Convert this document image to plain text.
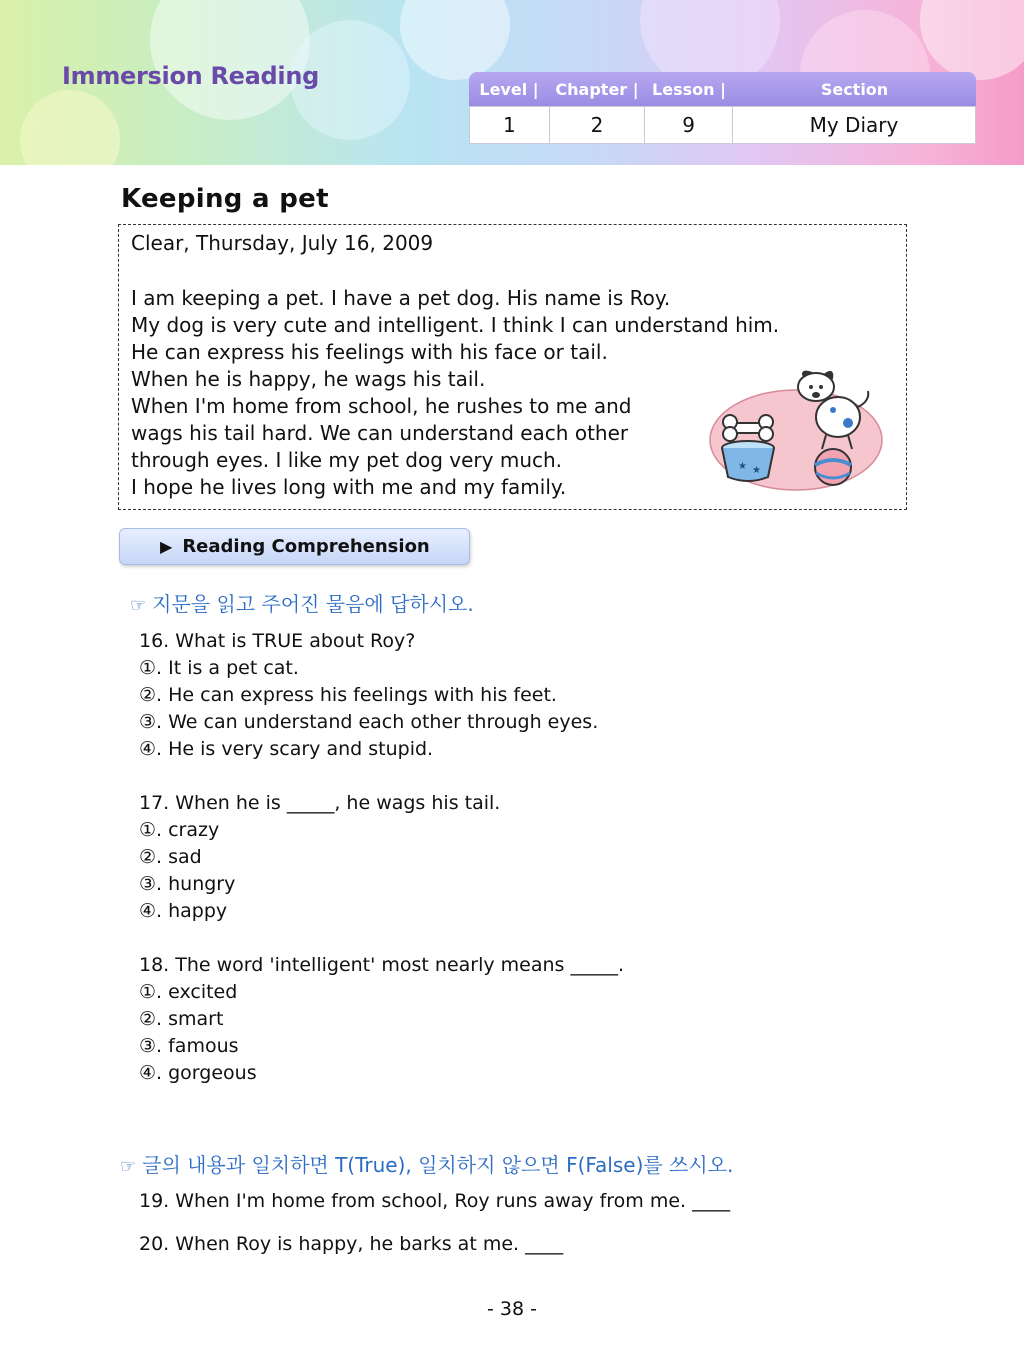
Immersion Reading	Level |	Chapter | Lesson |	Section
1	2	9	My Diary
Keeping a pet
Clear, Thursday, July 16, 2009
I am keeping a pet. I have a pet dog. His name is Roy.
My dog is very cute and intelligent. I think I can understand him.
He can express his feelings with his face or tail.
When he is happy, he wags his tail.
When I'm home from school, he rushes to me and
wags his tail hard. We can understand each other
through eyes. I like my pet dog very much.
I hope he lives long with me and my family.
★ ★
▶ Reading Comprehension
☞ 지문을 읽고 주어진 물음에 답하시오.
16. What is TRUE about Roy?
①. It is a pet cat.
②. He can express his feelings with his feet.
③. We can understand each other through eyes.
④. He is very scary and stupid.
17. When he is _____, he wags his tail.
①. crazy
②. sad
③. hungry
④. happy
18. The word 'intelligent' most nearly means _____.
①. excited
②. smart
③. famous
④. gorgeous
☞ 글의 내용과 일치하면 T(True), 일치하지 않으면 F(False)를 쓰시오.
19. When I'm home from school, Roy runs away from me. ____
20. When Roy is happy, he barks at me. ____
- 38 -
